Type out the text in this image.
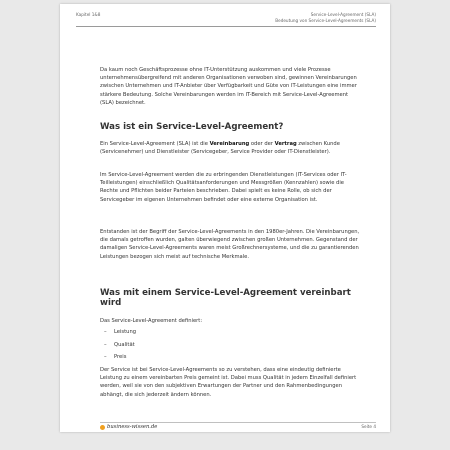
Kapitel 1&8	Service-Level-Agreement (SLA)
Bedeutung von Service-Level-Agreements (SLA)

Da kaum noch Geschäftsprozesse ohne IT-Unterstützung auskommen und viele Prozesse unternehmensübergreifend mit anderen Organisationen verwoben sind, gewinnen Vereinbarungen zwischen Unternehmen und IT-Anbieter über Verfügbarkeit und Güte von IT-Leistungen eine immer stärkere Bedeutung. Solche Vereinbarungen werden im IT-Bereich mit Service-Level-Agreement (SLA) bezeichnet.

Was ist ein Service-Level-Agreement?

Ein Service-Level-Agreement (SLA) ist die Vereinbarung oder der Vertrag zwischen Kunde (Servicenehmer) und Dienstleister (Servicegeber, Service Provider oder IT-Dienstleister).

Im Service-Level-Agreement werden die zu erbringenden Dienstleistungen (IT-Services oder IT-Teilleistungen) einschließlich Qualitätsanforderungen und Messgrößen (Kennzahlen) sowie die Rechte und Pflichten beider Parteien beschrieben. Dabei spielt es keine Rolle, ob sich der Servicegeber im eigenen Unternehmen befindet oder eine externe Organisation ist.

Entstanden ist der Begriff der Service-Level-Agreements in den 1980er-Jahren. Die Vereinbarungen, die damals getroffen wurden, galten überwiegend zwischen großen Unternehmen. Gegenstand der damaligen Service-Level-Agreements waren meist Großrechnersysteme, und die zu garantierenden Leistungen bezogen sich meist auf technische Merkmale.

Was mit einem Service-Level-Agreement vereinbart wird

Das Service-Level-Agreement definiert:

– Leistung
– Qualität
– Preis

Der Service ist bei Service-Level-Agreements so zu verstehen, dass eine eindeutig definierte Leistung zu einem vereinbarten Preis gemeint ist. Dabei muss Qualität in jedem Einzelfall definiert werden, weil sie von den subjektiven Erwartungen der Partner und den Rahmenbedingungen abhängt, die sich jederzeit ändern können.

business-wissen.de	Seite 4
